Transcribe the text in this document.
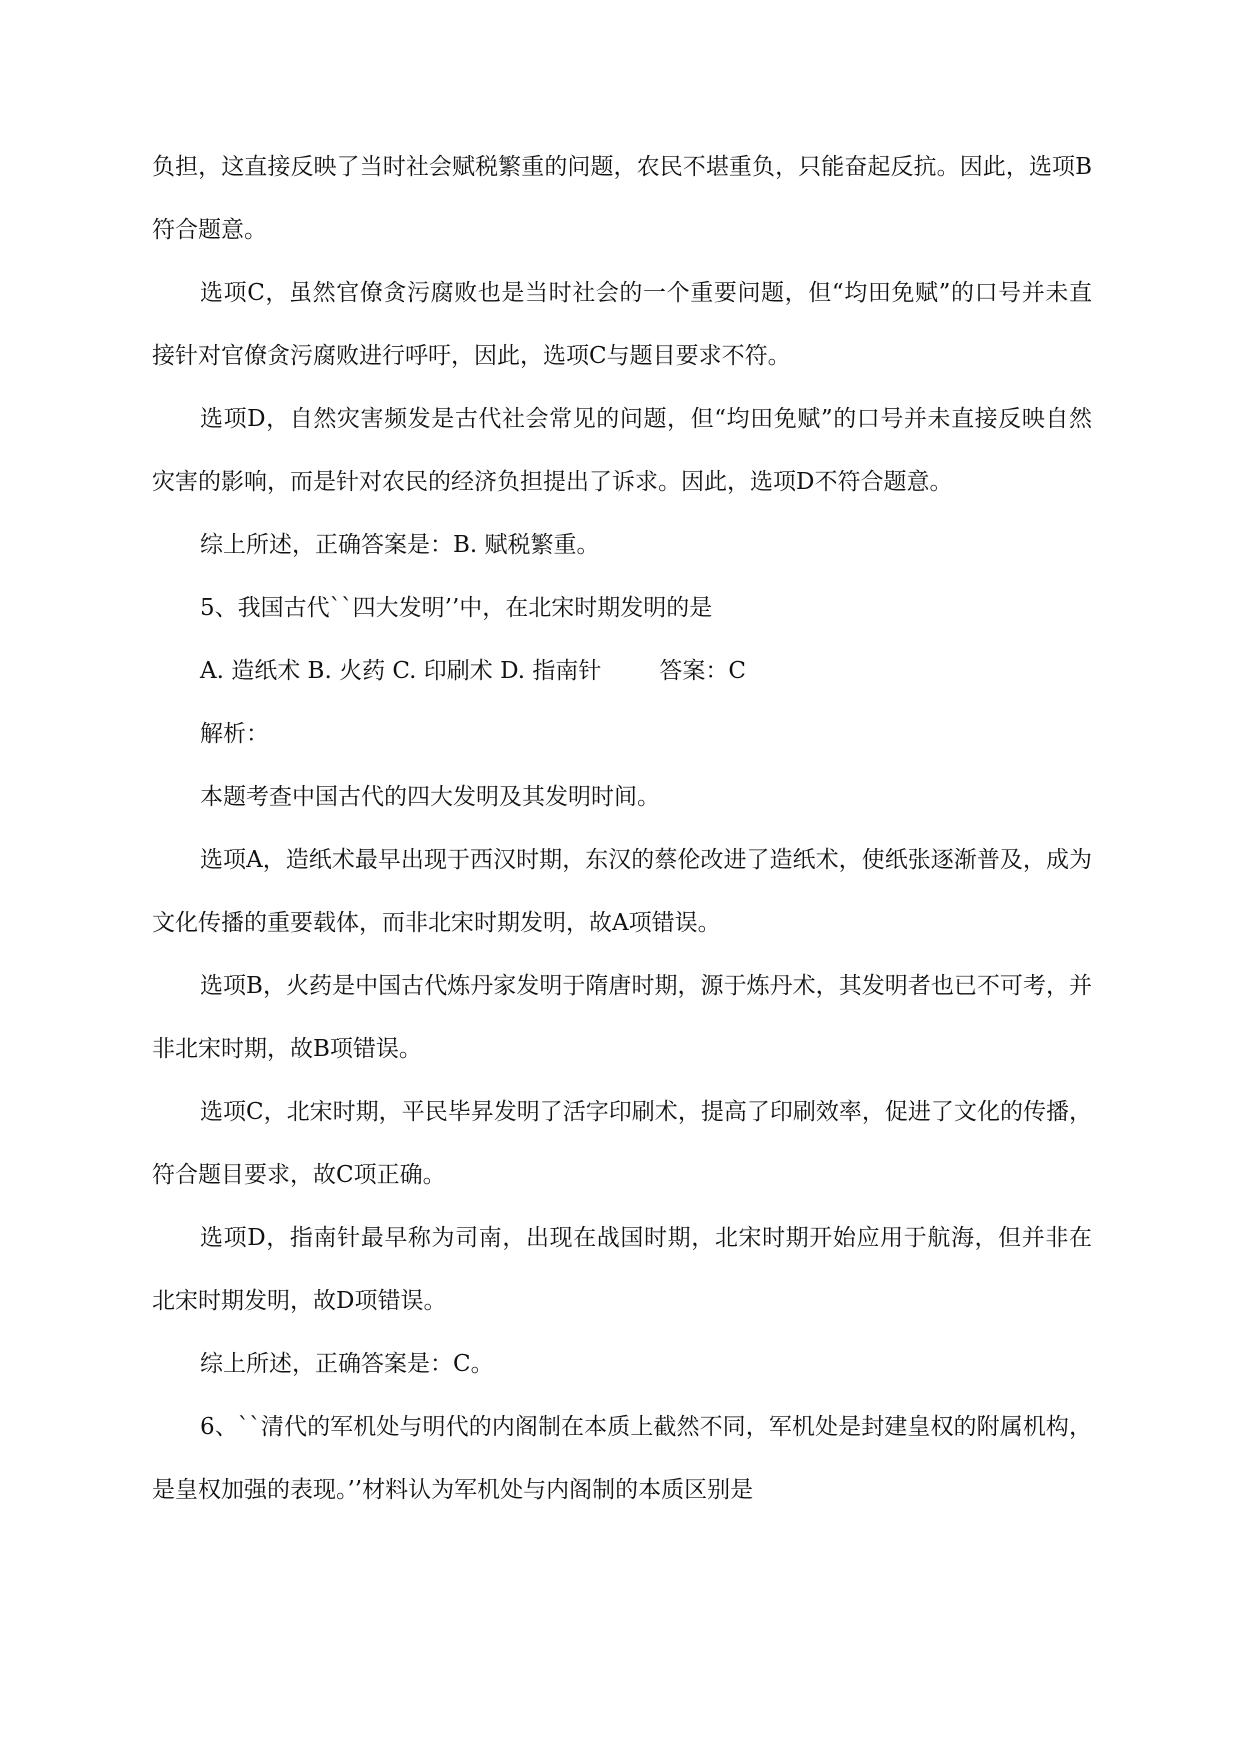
负担，这直接反映了当时社会赋税繁重的问题，农民不堪重负，只能奋起反抗。因此，选项B符合题意。

选项C，虽然官僚贪污腐败也是当时社会的一个重要问题，但“均田免赋”的口号并未直接针对官僚贪污腐败进行呼吁，因此，选项C与题目要求不符。

选项D，自然灾害频发是古代社会常见的问题，但“均田免赋”的口号并未直接反映自然灾害的影响，而是针对农民的经济负担提出了诉求。因此，选项D不符合题意。

综上所述，正确答案是：B. 赋税繁重。

5、我国古代``四大发明’’中，在北宋时期发明的是

A. 造纸术 B. 火药 C. 印刷术 D. 指南针	答案：C

解析：

本题考查中国古代的四大发明及其发明时间。

选项A，造纸术最早出现于西汉时期，东汉的蔡伦改进了造纸术，使纸张逐渐普及，成为文化传播的重要载体，而非北宋时期发明，故A项错误。

选项B，火药是中国古代炼丹家发明于隋唐时期，源于炼丹术，其发明者也已不可考，并非北宋时期，故B项错误。

选项C，北宋时期，平民毕昇发明了活字印刷术，提高了印刷效率，促进了文化的传播，符合题目要求，故C项正确。

选项D，指南针最早称为司南，出现在战国时期，北宋时期开始应用于航海，但并非在北宋时期发明，故D项错误。

综上所述，正确答案是：C。

6、``清代的军机处与明代的内阁制在本质上截然不同，军机处是封建皇权的附属机构，是皇权加强的表现。’’材料认为军机处与内阁制的本质区别是
